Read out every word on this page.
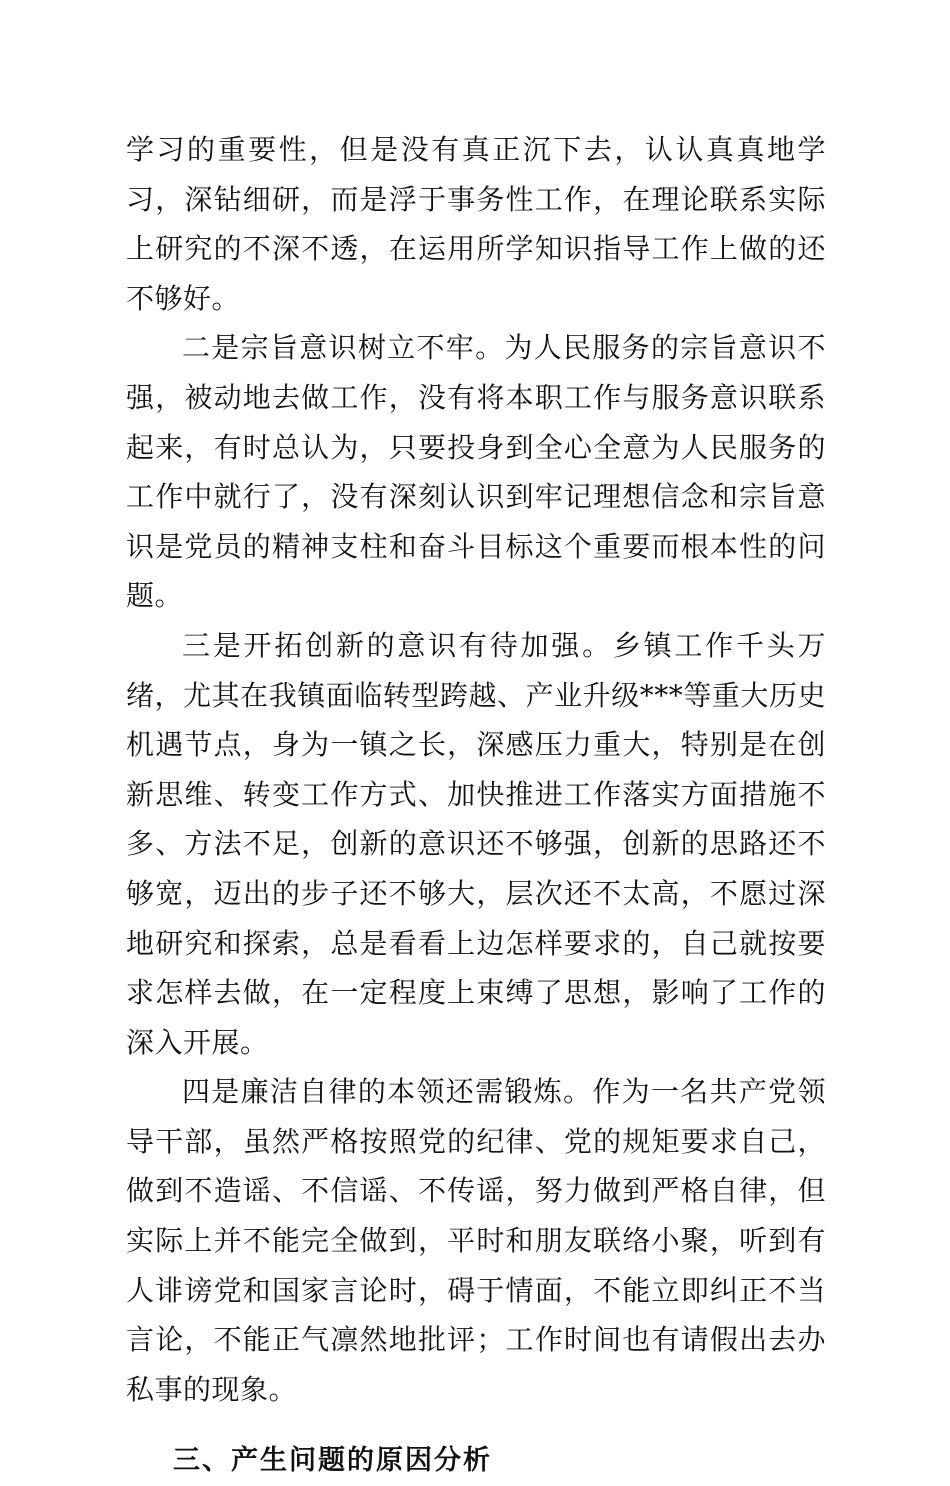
学习的重要性，但是没有真正沉下去，认认真真地学习，深钻细研，而是浮于事务性工作，在理论联系实际上研究的不深不透，在运用所学知识指导工作上做的还不够好。

二是宗旨意识树立不牢。为人民服务的宗旨意识不强，被动地去做工作，没有将本职工作与服务意识联系起来，有时总认为，只要投身到全心全意为人民服务的工作中就行了，没有深刻认识到牢记理想信念和宗旨意识是党员的精神支柱和奋斗目标这个重要而根本性的问题。

三是开拓创新的意识有待加强。乡镇工作千头万绪，尤其在我镇面临转型跨越、产业升级***等重大历史机遇节点，身为一镇之长，深感压力重大，特别是在创新思维、转变工作方式、加快推进工作落实方面措施不多、方法不足，创新的意识还不够强，创新的思路还不够宽，迈出的步子还不够大，层次还不太高，不愿过深地研究和探索，总是看看上边怎样要求的，自己就按要求怎样去做，在一定程度上束缚了思想，影响了工作的深入开展。

四是廉洁自律的本领还需锻炼。作为一名共产党领导干部，虽然严格按照党的纪律、党的规矩要求自己，做到不造谣、不信谣、不传谣，努力做到严格自律，但实际上并不能完全做到，平时和朋友联络小聚，听到有人诽谤党和国家言论时，碍于情面，不能立即纠正不当言论，不能正气凛然地批评；工作时间也有请假出去办私事的现象。

三、产生问题的原因分析
